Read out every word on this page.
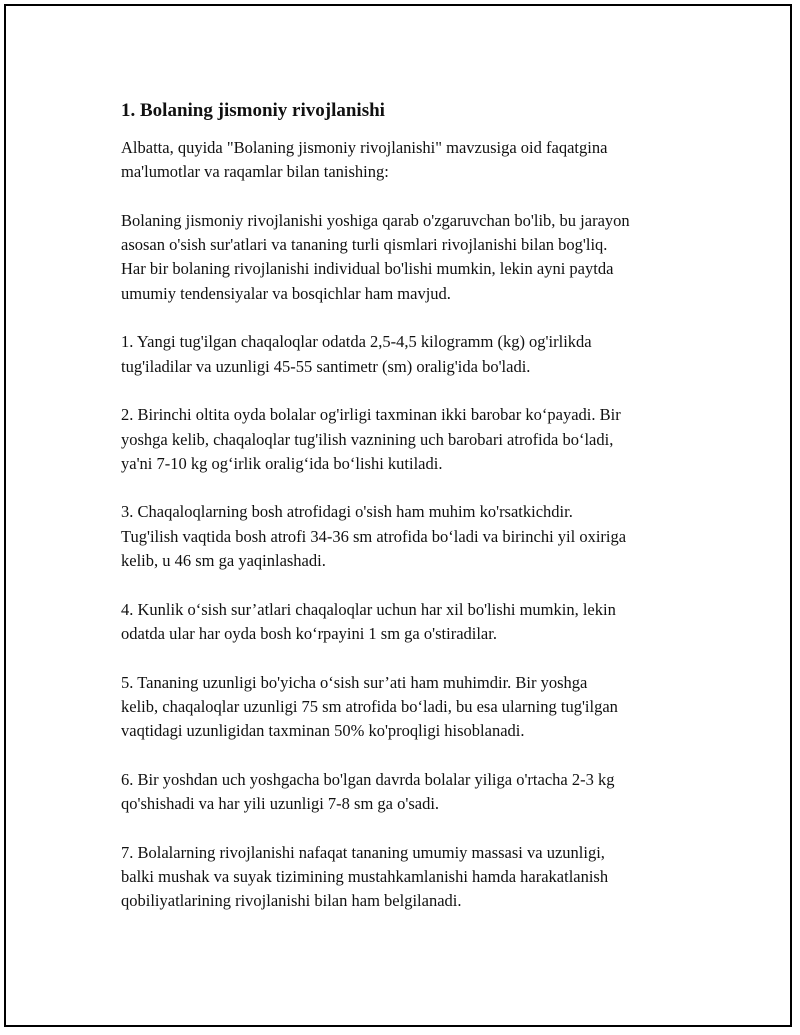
1. Bolaning jismoniy rivojlanishi

Albatta, quyida "Bolaning jismoniy rivojlanishi" mavzusiga oid faqatgina
ma'lumotlar va raqamlar bilan tanishing:

Bolaning jismoniy rivojlanishi yoshiga qarab o'zgaruvchan bo'lib, bu jarayon
asosan o'sish sur'atlari va tananing turli qismlari rivojlanishi bilan bog'liq.
Har bir bolaning rivojlanishi individual bo'lishi mumkin, lekin ayni paytda
umumiy tendensiyalar va bosqichlar ham mavjud.

1. Yangi tug'ilgan chaqaloqlar odatda 2,5-4,5 kilogramm (kg) og'irlikda
tug'iladilar va uzunligi 45-55 santimetr (sm) oralig'ida bo'ladi.

2. Birinchi oltita oyda bolalar og'irligi taxminan ikki barobar ko‘payadi. Bir
yoshga kelib, chaqaloqlar tug'ilish vaznining uch barobari atrofida bo‘ladi,
ya'ni 7-10 kg og‘irlik oralig‘ida bo‘lishi kutiladi.

3. Chaqaloqlarning bosh atrofidagi o'sish ham muhim ko'rsatkichdir.
Tug'ilish vaqtida bosh atrofi 34-36 sm atrofida bo‘ladi va birinchi yil oxiriga
kelib, u 46 sm ga yaqinlashadi.

4. Kunlik o‘sish sur’atlari chaqaloqlar uchun har xil bo'lishi mumkin, lekin
odatda ular har oyda bosh ko‘rpayini 1 sm ga o'stiradilar.

5. Tananing uzunligi bo'yicha o‘sish sur’ati ham muhimdir. Bir yoshga
kelib, chaqaloqlar uzunligi 75 sm atrofida bo‘ladi, bu esa ularning tug'ilgan
vaqtidagi uzunligidan taxminan 50% ko'proqligi hisoblanadi.

6. Bir yoshdan uch yoshgacha bo'lgan davrda bolalar yiliga o'rtacha 2-3 kg
qo'shishadi va har yili uzunligi 7-8 sm ga o'sadi.

7. Bolalarning rivojlanishi nafaqat tananing umumiy massasi va uzunligi,
balki mushak va suyak tizimining mustahkamlanishi hamda harakatlanish
qobiliyatlarining rivojlanishi bilan ham belgilanadi.
